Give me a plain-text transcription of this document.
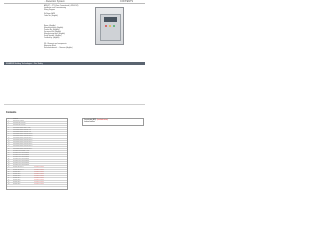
...Detection System	CONTENTS
AWS-ZT -- ZT 8-Zone Conventional (+DIN 4102)
Installation and Commissioning
Wiring Diagram
Kit Name: AWS
Order No: (illegible)
Name: (illegible)
Manufactured by: (illegible)
Product No: (illegible)
Document No: (illegible)
Manufacturing date: (illegible)
Serial Number: (illegible)
Certified by: (illegible)
DS - Elements and components
Elementen Block
Sicherheitsbereich ... Siemens (illegible)
SIEMENS Building Technologies -- Fire Safety
Contents
1	Contents
2	Dimensions (1:2000)
3	Mounting plate (1:2000)
4	Mounting plate (1:2000)
5	Connecting diagram block (AWS)
6	Connecting diagram terminal (1:1)
7	Connecting diagram terminal (1:1)
8	Connecting diagram terminal block 2
9	Connecting diagram terminal block 3
10	Connecting diagram terminal block 4
11	Connecting diagram terminal block 5
12	Connecting diagram terminal block 6
13	Connecting diagram terminal block 7
14	Connecting diagram terminal block 8
15	Connecting diagram terminal block 9
16	Protection fuse diagram (AWS)
17	Protection fuse circuit diagram
18	Protection fuse circuit diagram
19	Protection fuse circuit diagram
20	Protection fuse circuit diagram
21	Protection fuse circuit diagram
22	Protection fuse circuit diagram
23	Protection fuse circuit diagram
24	Terminal list (Line 1)	(Localised version)
25	Terminal list (Line 2)	(Localised version)
26	Terminal list 1	(Localised version)
27	Terminal list 2	(Localised version)
28	Terminal list 3	(Localised version)
29	Terminal list 4	(Localised version)
30	Terminal list 5	(Localised version)
31	Terminal list 6	(Localised version)
32	Terminal list 7	(Localised version)
Terminal table (AWS) (Localised version)
Localised interface
